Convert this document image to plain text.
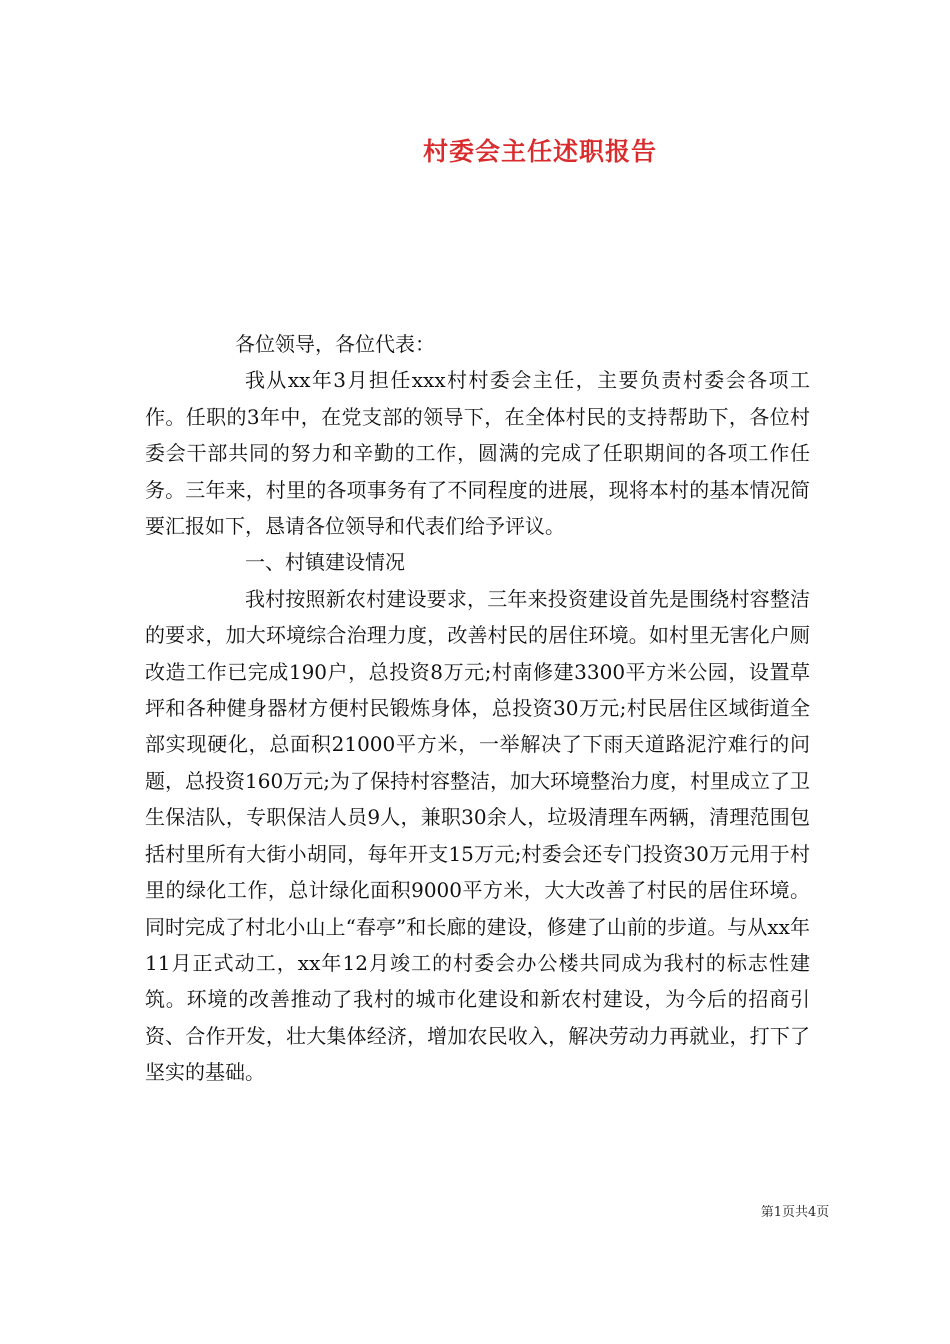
村委会主任述职报告

各位领导，各位代表：

我从xx年3月担任xxx村村委会主任，主要负责村委会各项工作。任职的3年中，在党支部的领导下，在全体村民的支持帮助下，各位村委会干部共同的努力和辛勤的工作，圆满的完成了任职期间的各项工作任务。三年来，村里的各项事务有了不同程度的进展，现将本村的基本情况简要汇报如下，恳请各位领导和代表们给予评议。

一、村镇建设情况

我村按照新农村建设要求，三年来投资建设首先是围绕村容整洁的要求，加大环境综合治理力度，改善村民的居住环境。如村里无害化户厕改造工作已完成190户，总投资8万元;村南修建3300平方米公园，设置草坪和各种健身器材方便村民锻炼身体，总投资30万元;村民居住区域街道全部实现硬化，总面积21000平方米，一举解决了下雨天道路泥泞难行的问题，总投资160万元;为了保持村容整洁，加大环境整治力度，村里成立了卫生保洁队，专职保洁人员9人，兼职30余人，垃圾清理车两辆，清理范围包括村里所有大街小胡同，每年开支15万元;村委会还专门投资30万元用于村里的绿化工作，总计绿化面积9000平方米，大大改善了村民的居住环境。同时完成了村北小山上“春亭”和长廊的建设，修建了山前的步道。与从xx年11月正式动工，xx年12月竣工的村委会办公楼共同成为我村的标志性建筑。环境的改善推动了我村的城市化建设和新农村建设，为今后的招商引资、合作开发，壮大集体经济，增加农民收入，解决劳动力再就业，打下了坚实的基础。

第1页共4页
